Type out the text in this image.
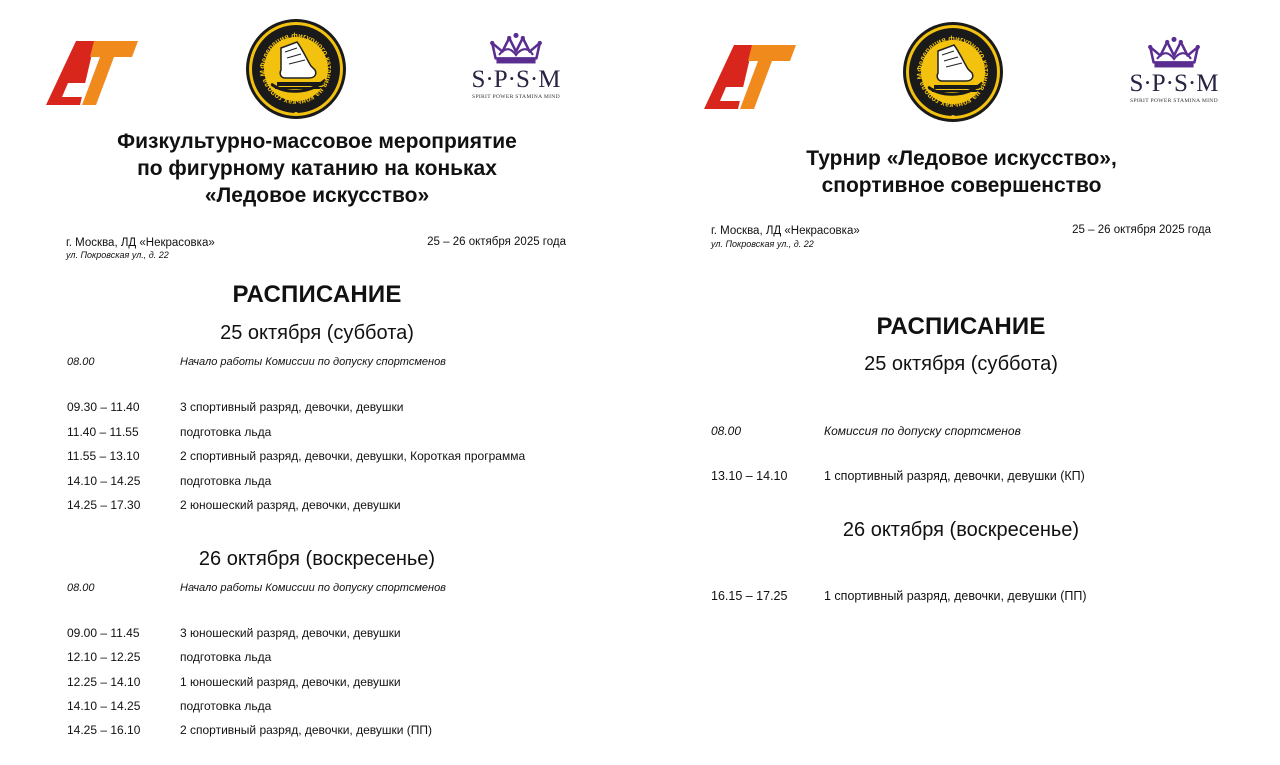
S·P·S·M
SPIRIT POWER STAMINA MIND
Физкультурно-массовое мероприятие
по фигурному катанию на коньках
«Ледовое искусство»
г. Москва, ЛД «Некрасовка»
ул. Покровская ул., д. 22
25 – 26 октября 2025 года
РАСПИСАНИЕ
25 октября (суббота)
08.00	Начало работы Комиссии по допуску спортсменов
09.30 – 11.40	3 спортивный разряд, девочки, девушки
11.40 – 11.55	подготовка льда
11.55 – 13.10	2 спортивный разряд, девочки, девушки, Короткая программа
14.10 – 14.25	подготовка льда
14.25 – 17.30	2 юношеский разряд, девочки, девушки
26 октября (воскресенье)
08.00	Начало работы Комиссии по допуску спортсменов
09.00 – 11.45	3 юношеский разряд, девочки, девушки
12.10 – 12.25	подготовка льда
12.25 – 14.10	1 юношеский разряд, девочки, девушки
14.10 – 14.25	подготовка льда
14.25 – 16.10	2 спортивный разряд, девочки, девушки (ПП)
S·P·S·M
SPIRIT POWER STAMINA MIND
Турнир «Ледовое искусство»,
спортивное совершенство
г. Москва, ЛД «Некрасовка»
ул. Покровская ул., д. 22
25 – 26 октября 2025 года
РАСПИСАНИЕ
25 октября (суббота)
08.00	Комиссия по допуску спортсменов
13.10 – 14.10	1 спортивный разряд, девочки, девушки (КП)
26 октября (воскресенье)
16.15 – 17.25	1 спортивный разряд, девочки, девушки (ПП)
